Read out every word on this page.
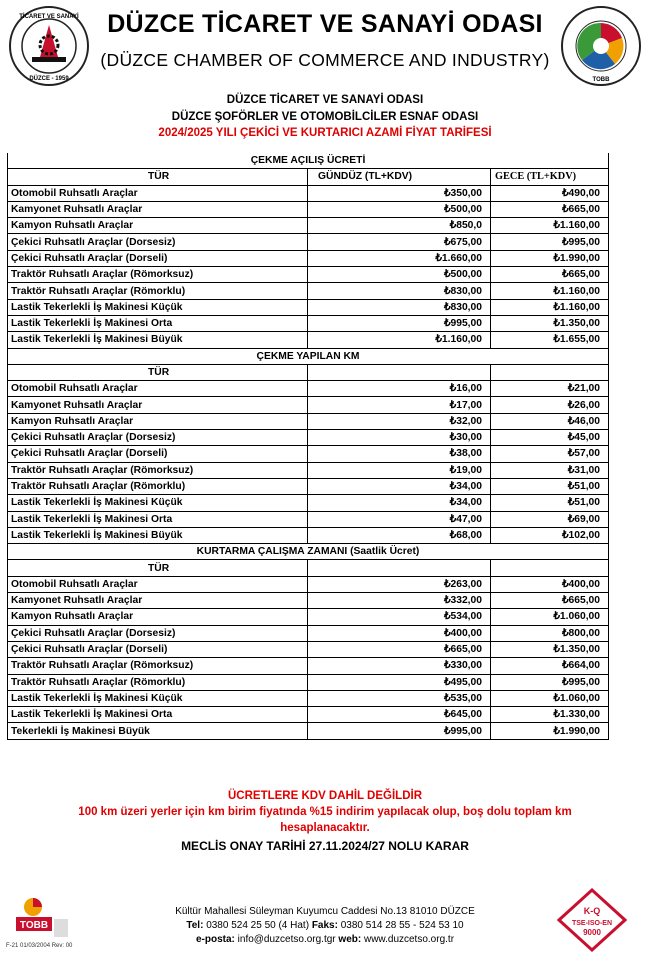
TİCARET VE SANAYİ
DÜZCE - 1959	TOBB
DÜZCE TİCARET VE SANAYİ ODASI
(DÜZCE CHAMBER OF COMMERCE AND INDUSTRY)
DÜZCE TİCARET VE SANAYİ ODASI
DÜZCE ŞOFÖRLER VE OTOMOBİLCİLER ESNAF ODASI
2024/2025 YILI ÇEKİCİ VE KURTARICI AZAMİ FİYAT TARİFESİ
ÇEKME AÇILIŞ ÜCRETİ		
TÜR	GÜNDÜZ (TL+KDV)	GECE (TL+KDV)
Otomobil Ruhsatlı Araçlar	₺350,00	₺490,00
Kamyonet Ruhsatlı Araçlar	₺500,00	₺665,00
Kamyon Ruhsatlı Araçlar	₺850,0	₺1.160,00
Çekici Ruhsatlı Araçlar (Dorsesiz)	₺675,00	₺995,00
Çekici Ruhsatlı Araçlar (Dorseli)	₺1.660,00	₺1.990,00
Traktör Ruhsatlı Araçlar (Römorksuz)	₺500,00	₺665,00
Traktör Ruhsatlı Araçlar (Römorklu)	₺830,00	₺1.160,00
Lastik Tekerlekli İş Makinesi Küçük	₺830,00	₺1.160,00
Lastik Tekerlekli İş Makinesi Orta	₺995,00	₺1.350,00
Lastik Tekerlekli İş Makinesi Büyük	₺1.160,00	₺1.655,00
ÇEKME YAPILAN KM		
TÜR		
Otomobil Ruhsatlı Araçlar	₺16,00	₺21,00
Kamyonet Ruhsatlı Araçlar	₺17,00	₺26,00
Kamyon Ruhsatlı Araçlar	₺32,00	₺46,00
Çekici Ruhsatlı Araçlar (Dorsesiz)	₺30,00	₺45,00
Çekici Ruhsatlı Araçlar (Dorseli)	₺38,00	₺57,00
Traktör Ruhsatlı Araçlar (Römorksuz)	₺19,00	₺31,00
Traktör Ruhsatlı Araçlar (Römorklu)	₺34,00	₺51,00
Lastik Tekerlekli İş Makinesi Küçük	₺34,00	₺51,00
Lastik Tekerlekli İş Makinesi Orta	₺47,00	₺69,00
Lastik Tekerlekli İş Makinesi Büyük	₺68,00	₺102,00
KURTARMA ÇALIŞMA ZAMANI (Saatlik Ücret)		
TÜR		
Otomobil Ruhsatlı Araçlar	₺263,00	₺400,00
Kamyonet Ruhsatlı Araçlar	₺332,00	₺665,00
Kamyon Ruhsatlı Araçlar	₺534,00	₺1.060,00
Çekici Ruhsatlı Araçlar (Dorsesiz)	₺400,00	₺800,00
Çekici Ruhsatlı Araçlar (Dorseli)	₺665,00	₺1.350,00
Traktör Ruhsatlı Araçlar (Römorksuz)	₺330,00	₺664,00
Traktör Ruhsatlı Araçlar (Römorklu)	₺495,00	₺995,00
Lastik Tekerlekli İş Makinesi Küçük	₺535,00	₺1.060,00
Lastik Tekerlekli İş Makinesi Orta	₺645,00	₺1.330,00
Tekerlekli İş Makinesi Büyük	₺995,00	₺1.990,00
ÜCRETLERE KDV DAHİL DEĞİLDİR
100 km üzeri yerler için km birim fiyatında %15 indirim yapılacak olup, boş dolu toplam km
hesaplanacaktır.
MECLİS ONAY TARİHİ 27.11.2024/27 NOLU KARAR
TOBB
F-21 01/03/2004 Rev: 00
Kültür Mahallesi Süleyman Kuyumcu Caddesi No.13 81010 DÜZCE
Tel: 0380 524 25 50 (4 Hat) Faks: 0380 514 28 55 - 524 53 10
e-posta: info@duzcetso.org.tgr web: www.duzcetso.org.tr
K-Q
TSE-ISO-EN
9000
